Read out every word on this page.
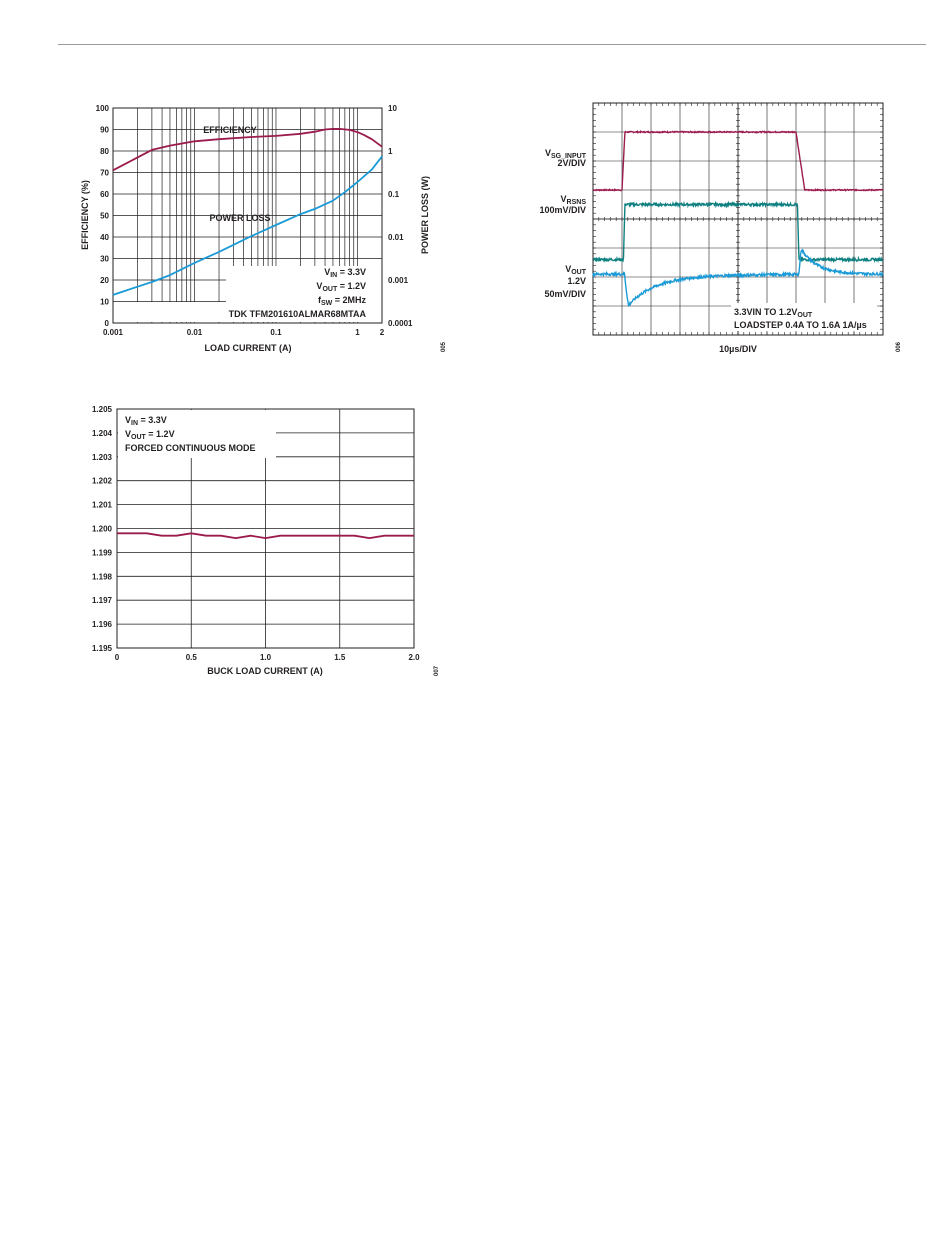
0
10
20
30
40
50
60
70
80
90
100
0.0001
0.001
0.01
0.1
1
10
0.001	0.01	0.1	1	2
EFFICIENCY
POWER LOSS
$V_{IN} = 3.3V$
$V_{OUT} = 1.2V$
$f_{SW} = 2MHz$
TDK TFM201610ALMAR68MTAA
LOAD CURRENT (A)
EFFICIENCY (%)	POWER LOSS (W)
005
$V_{SG\_INPUT}$
2V/DIV
$V_{RSNS}$
100mV/DIV
$V_{OUT}$
1.2V
50mV/DIV
3.3VIN TO $1.2V_{OUT}$
LOADSTEP 0.4A TO 1.6A 1A/µs
10µs/DIV	006
1.195
1.196
1.197
1.198
1.199
1.200
1.201
1.202
1.203
1.204
1.205
0	0.5	1.0	1.5	2.0
$V_{IN} = 3.3V$
$V_{OUT} = 1.2V$
FORCED CONTINUOUS MODE
BUCK LOAD CURRENT (A)	007
